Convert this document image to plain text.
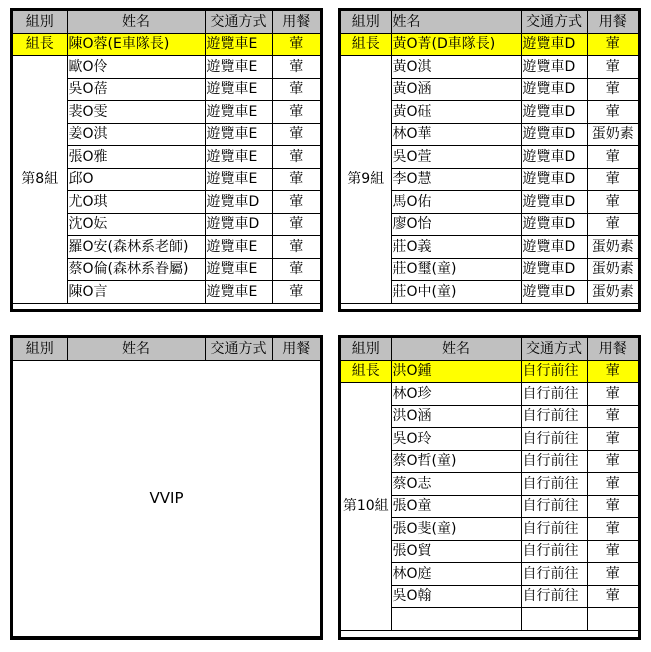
組別	姓名	交通方式	用餐
組長	陳O蓉(E車隊長)	遊覽車E	葷
第8組	歐O伶	遊覽車E	葷
	吳O蓓	遊覽車E	葷
	裴O雯	遊覽車E	葷
	姜O淇	遊覽車E	葷
	張O雅	遊覽車E	葷
	邱O	遊覽車E	葷
	尤O琪	遊覽車D	葷
	沈O妘	遊覽車D	葷
	羅O安(森林系老師)	遊覽車E	葷
	蔡O倫(森林系眷屬)	遊覽車E	葷
	陳O言	遊覽車E	葷
組別	姓名	交通方式	用餐
組長	黃O菁(D車隊長)	遊覽車D	葷
第9組	黃O淇	遊覽車D	葷
	黃O涵	遊覽車D	葷
	黃O砡	遊覽車D	葷
	林O華	遊覽車D	蛋奶素
	吳O萱	遊覽車D	葷
	李O慧	遊覽車D	葷
	馬O佑	遊覽車D	葷
	廖O怡	遊覽車D	葷
	莊O義	遊覽車D	蛋奶素
	莊O璽(童)	遊覽車D	蛋奶素
	莊O中(童)	遊覽車D	蛋奶素
組別	姓名	交通方式	用餐
VVIP
組別	姓名	交通方式	用餐
組長	洪O鍾	自行前往	葷
第10組	林O珍	自行前往	葷
	洪O涵	自行前往	葷
	吳O玲	自行前往	葷
	蔡O哲(童)	自行前往	葷
	蔡O志	自行前往	葷
	張O童	自行前往	葷
	張O斐(童)	自行前往	葷
	張O貿	自行前往	葷
	林O庭	自行前往	葷
	吳O翰	自行前往	葷
